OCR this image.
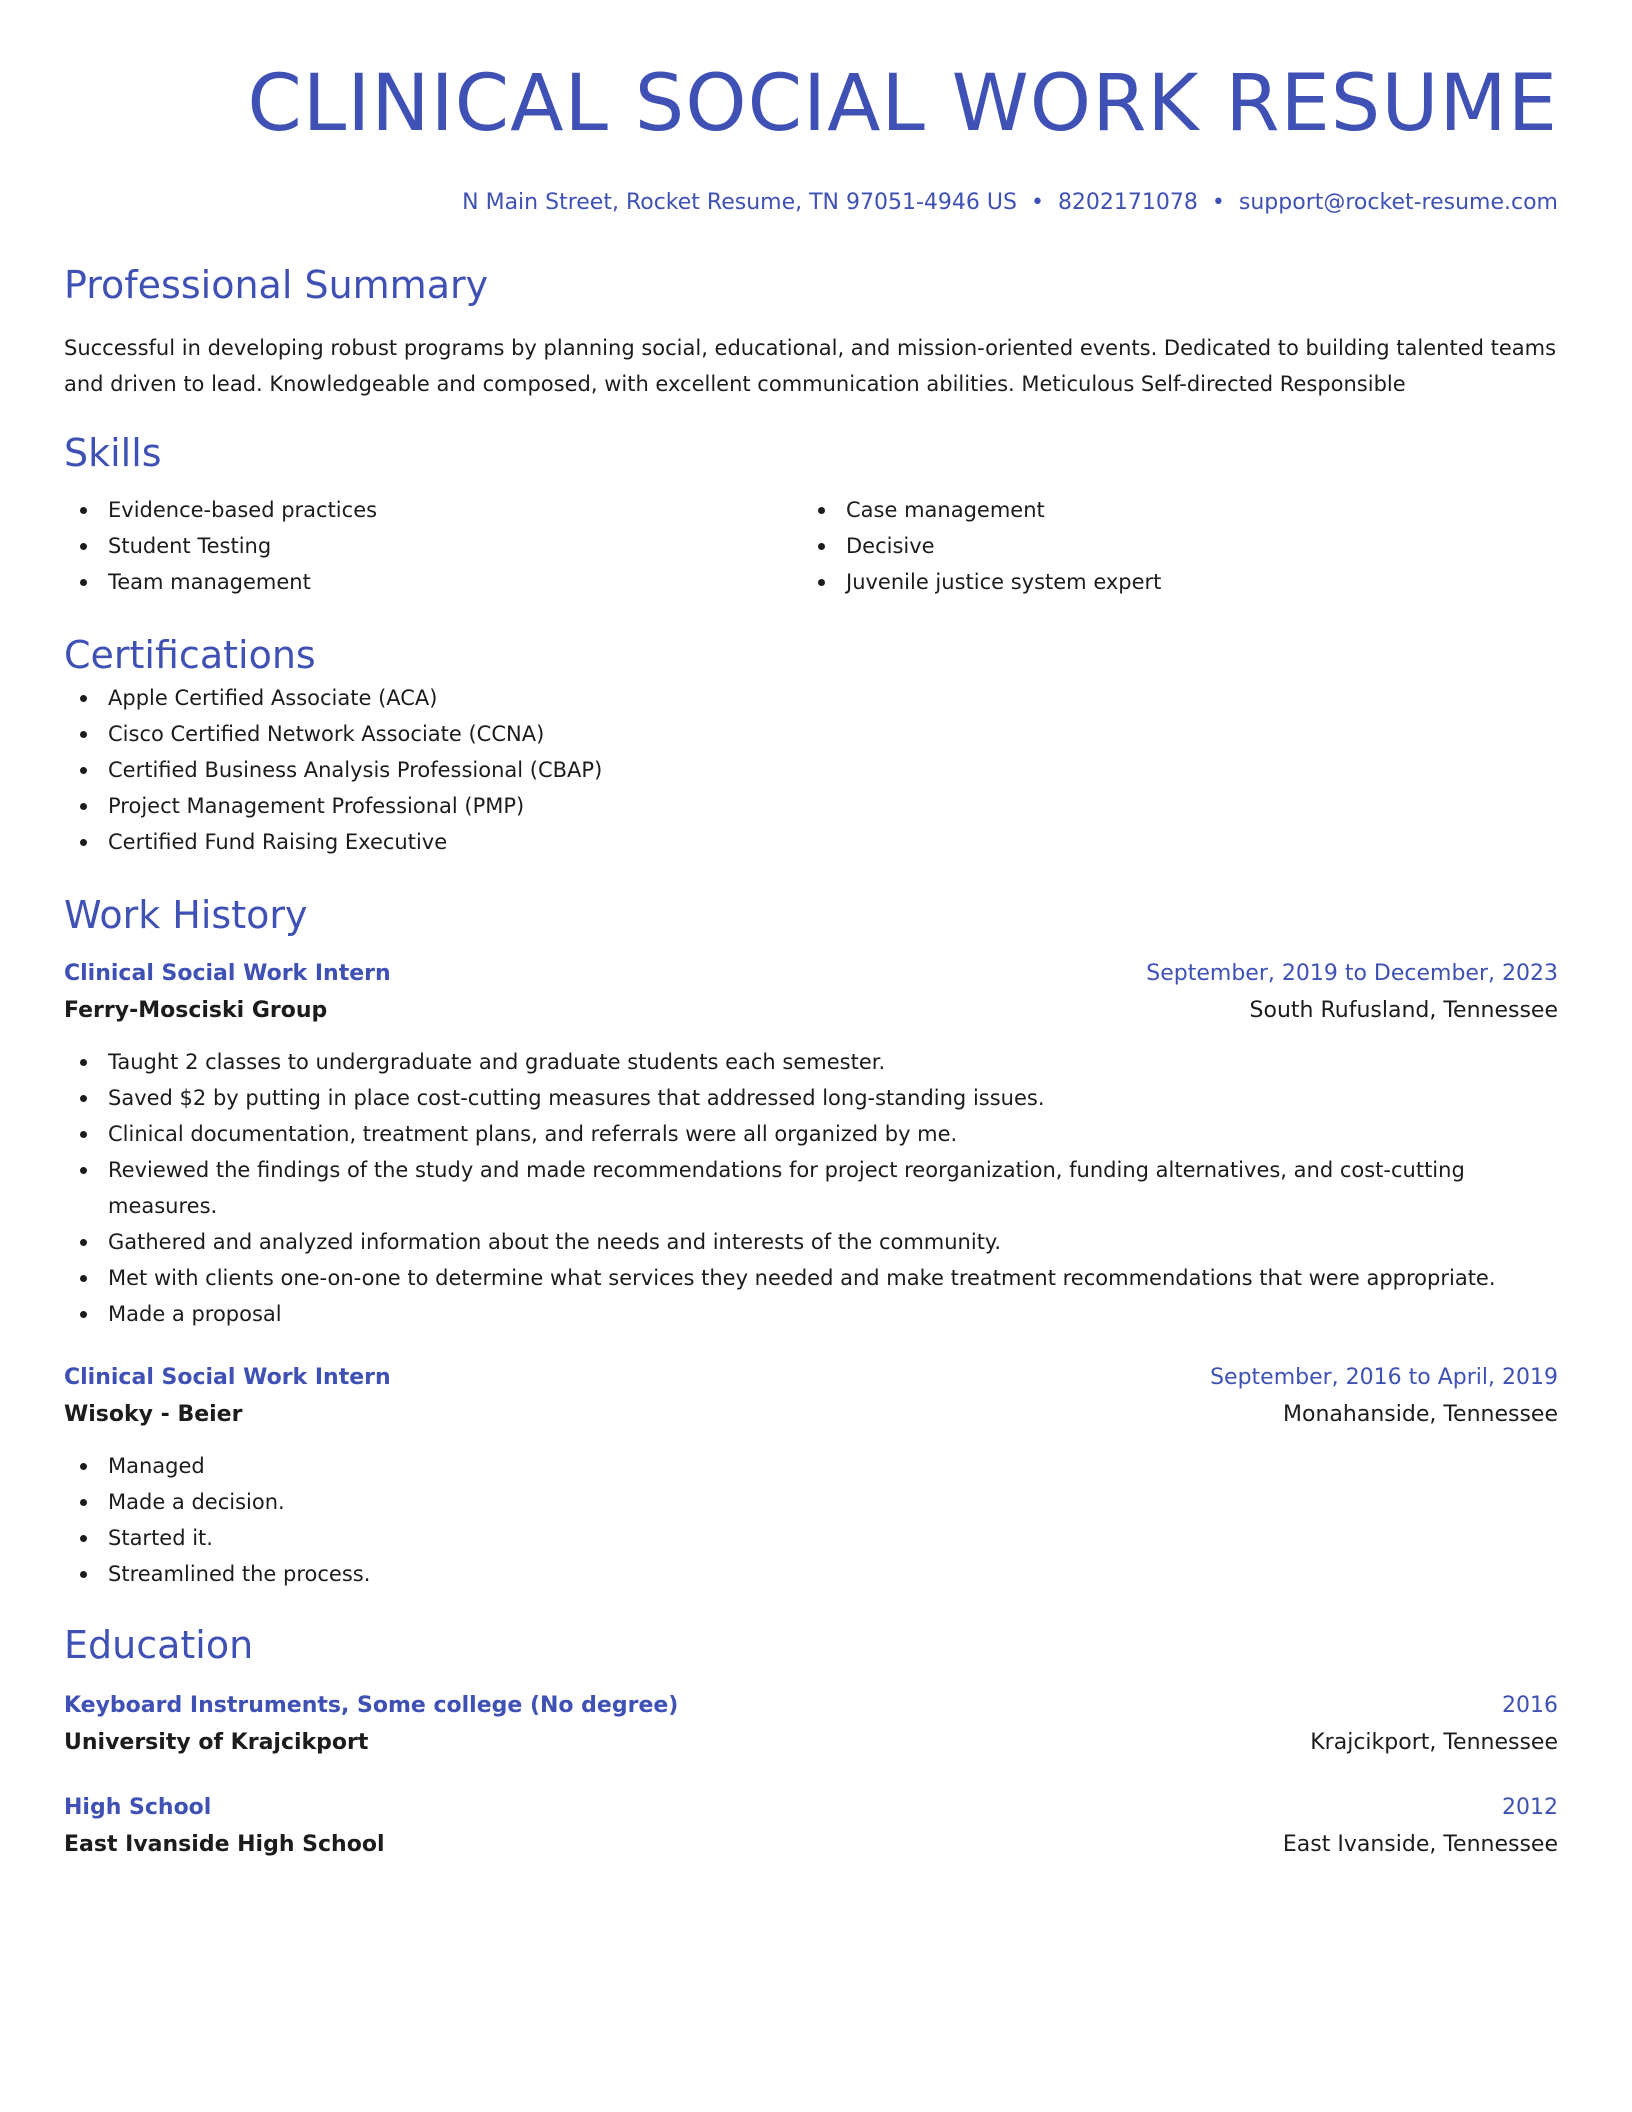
CLINICAL SOCIAL WORK RESUME
N Main Street, Rocket Resume, TN 97051-4946 US • 8202171078 • support@rocket-resume.com
Professional Summary

Successful in developing robust programs by planning social, educational, and mission-oriented events. Dedicated to building talented teams and driven to lead. Knowledgeable and composed, with excellent communication abilities. Meticulous Self-directed Responsible

Skills
Evidence-based practices
Student Testing
Team management
Case management
Decisive
Juvenile justice system expert
Certifications
Apple Certified Associate (ACA)
Cisco Certified Network Associate (CCNA)
Certified Business Analysis Professional (CBAP)
Project Management Professional (PMP)
Certified Fund Raising Executive
Work History
Clinical Social Work Intern	September, 2019 to December, 2023
Ferry-Mosciski Group	South Rufusland, Tennessee
Taught 2 classes to undergraduate and graduate students each semester.
Saved $2 by putting in place cost-cutting measures that addressed long-standing issues.
Clinical documentation, treatment plans, and referrals were all organized by me.
Reviewed the findings of the study and made recommendations for project reorganization, funding alternatives, and cost-cutting measures.
Gathered and analyzed information about the needs and interests of the community.
Met with clients one-on-one to determine what services they needed and make treatment recommendations that were appropriate.
Made a proposal
Clinical Social Work Intern	September, 2016 to April, 2019
Wisoky - Beier	Monahanside, Tennessee
Managed
Made a decision.
Started it.
Streamlined the process.
Education
Keyboard Instruments, Some college (No degree)	2016
University of Krajcikport	Krajcikport, Tennessee
High School	2012
East Ivanside High School	East Ivanside, Tennessee
